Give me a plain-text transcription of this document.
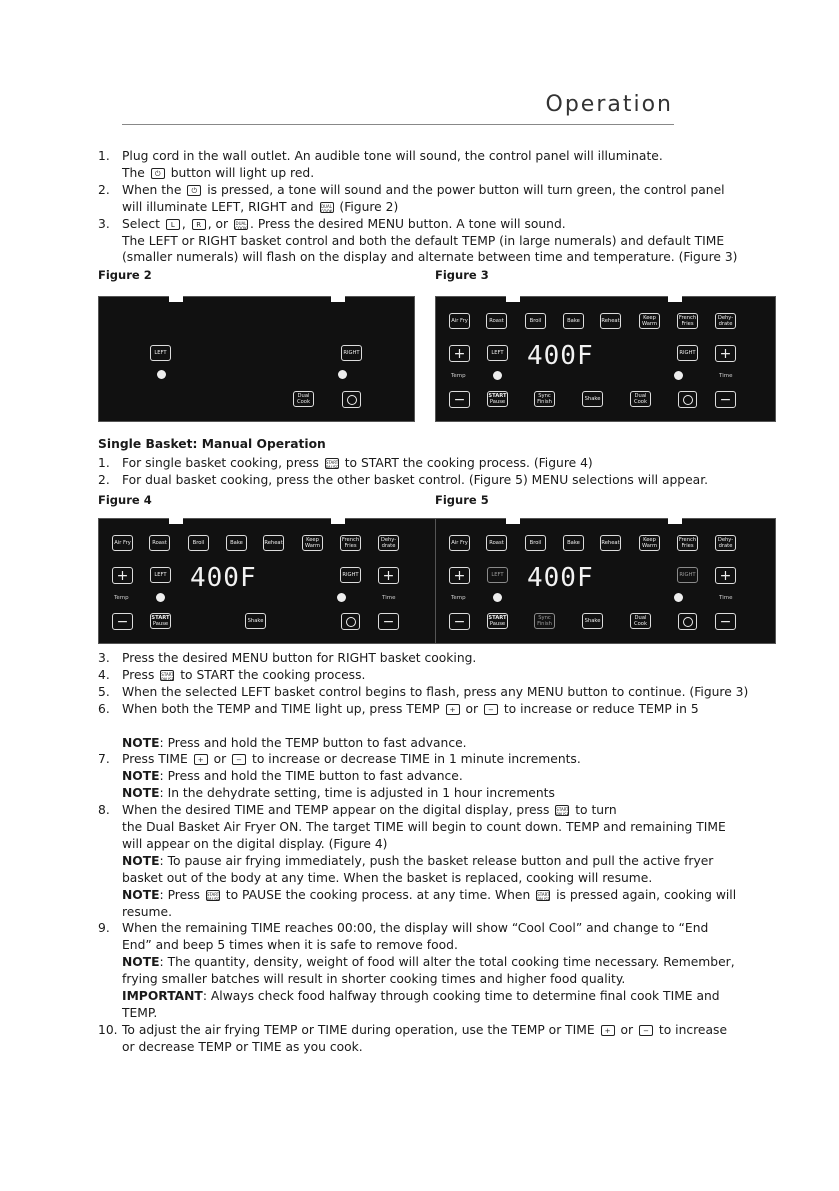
Operation
1. Plug cord in the wall outlet. An audible tone will sound, the control panel will illuminate.
The ⏻ button will light up red.
2. When the ⏻ is pressed, a tone will sound and the power button will turn green, the control panel
will illuminate LEFT, RIGHT and DUAL COOK (Figure 2)
3. Select L , R , or DUAL COOK . Press the desired MENU button. A tone will sound.
The LEFT or RIGHT basket control and both the default TEMP (in large numerals) and default TIME
(smaller numerals) will flash on the display and alternate between time and temperature. (Figure 3)
Figure 2	Figure 3
LEFT	RIGHT
Dual Cook
Air Fry	Roast	Broil	Bake	Reheat	Keep Warm
French Fries
Dehy-drate
+
Temp
−
LEFT 400F	RIGHT	+
Time
−
START
Pause
Sync Finish	Shake	Dual Cook
Single Basket: Manual Operation
1. For single basket cooking, press START PAUSE to START the cooking process. (Figure 4)
2. For dual basket cooking, press the other basket control. (Figure 5) MENU selections will appear.
Figure 4	Figure 5
Air Fry	Roast	Broil	Bake	Reheat	Keep Warm
French Fries
Dehy-drate
+
Temp
−
LEFT 400F	RIGHT	+
Time
−
START
Pause	Shake
Air Fry	Roast	Broil	Bake	Reheat	Keep Warm
French Fries
Dehy-drate
+
Temp
−
LEFT 400F	RIGHT	+
Time
−
START
Pause
Sync Finish	Shake	Dual Cook
3. Press the desired MENU button for RIGHT basket cooking.
4. Press START PAUSE to START the cooking process.
5. When the selected LEFT basket control begins to flash, press any MENU button to continue. (Figure 3)
6. When both the TEMP and TIME light up, press TEMP + or − to increase or reduce TEMP in 5
NOTE: Press and hold the TEMP button to fast advance.
7. Press TIME + or − to increase or decrease TIME in 1 minute increments.
NOTE: Press and hold the TIME button to fast advance.
NOTE: In the dehydrate setting, time is adjusted in 1 hour increments
8. When the desired TIME and TEMP appear on the digital display, press START PAUSE to turn
the Dual Basket Air Fryer ON. The target TIME will begin to count down. TEMP and remaining TIME
will appear on the digital display. (Figure 4)
NOTE: To pause air frying immediately, push the basket release button and pull the active fryer
basket out of the body at any time. When the basket is replaced, cooking will resume.
NOTE: Press START PAUSE to PAUSE the cooking process. at any time. When START PAUSE is pressed again, cooking will
resume.
9. When the remaining TIME reaches 00:00, the display will show “Cool Cool” and change to “End
End” and beep 5 times when it is safe to remove food.
NOTE: The quantity, density, weight of food will alter the total cooking time necessary. Remember,
frying smaller batches will result in shorter cooking times and higher food quality.
IMPORTANT: Always check food halfway through cooking time to determine final cook TIME and
TEMP.
10. To adjust the air frying TEMP or TIME during operation, use the TEMP or TIME + or − to increase
or decrease TEMP or TIME as you cook.
